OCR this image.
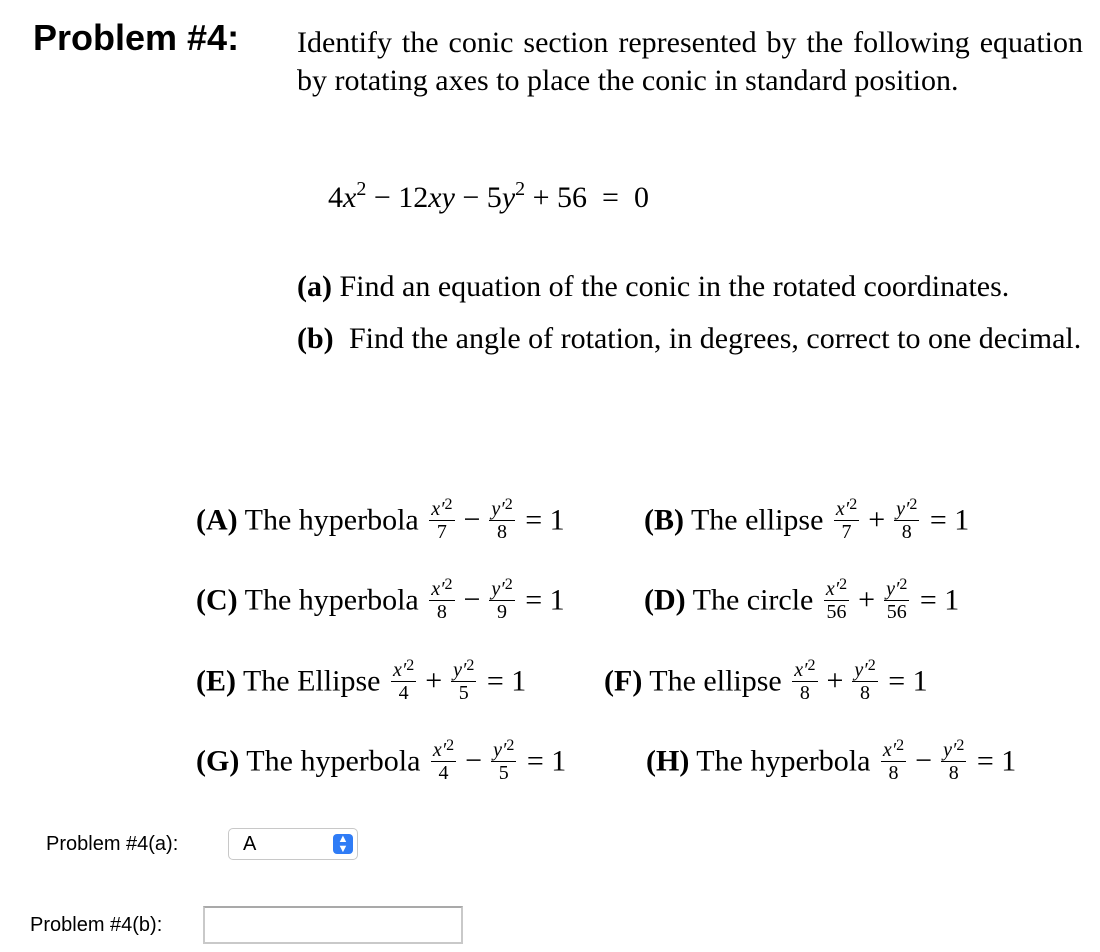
Problem #4: Identify the conic section represented by the following equation by rotating axes to place the conic in standard position.
$4x^2 - 12xy - 5y^2 + 56 = 0$
(a) Find an equation of the conic in the rotated coordinates.
(b) Find the angle of rotation, in degrees, correct to one decimal.
(A) The hyperbola $\frac{x'^2}{7} - \frac{y'^2}{8} = 1$	(B) The ellipse $\frac{x'^2}{7} + \frac{y'^2}{8} = 1$
(C) The hyperbola $\frac{x'^2}{8} - \frac{y'^2}{9} = 1$	(D) The circle $\frac{x'^2}{56} + \frac{y'^2}{56} = 1$
(E) The Ellipse $\frac{x'^2}{4} + \frac{y'^2}{5} = 1$	(F) The ellipse $\frac{x'^2}{8} + \frac{y'^2}{8} = 1$
(G) The hyperbola $\frac{x'^2}{4} - \frac{y'^2}{5} = 1$	(H) The hyperbola $\frac{x'^2}{8} - \frac{y'^2}{8} = 1$
Problem #4(a):	A	▲
▼
Problem #4(b):
